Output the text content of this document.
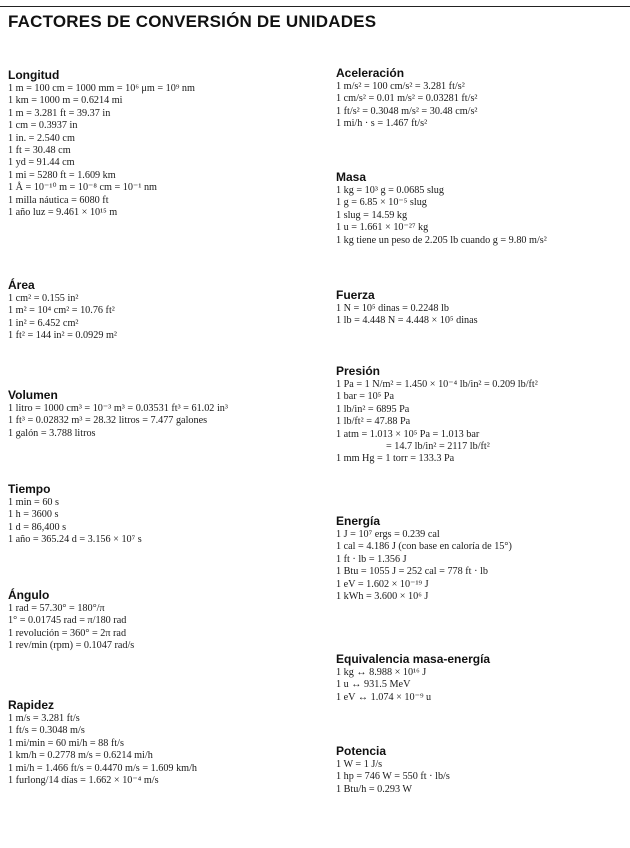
FACTORES DE CONVERSIÓN DE UNIDADES
Longitud
1 m = 100 cm = 1000 mm = 10⁶ μm = 10⁹ nm
1 km = 1000 m = 0.6214 mi
1 m = 3.281 ft = 39.37 in
1 cm = 0.3937 in
1 in. = 2.540 cm
1 ft = 30.48 cm
1 yd = 91.44 cm
1 mi = 5280 ft = 1.609 km
1 Å = 10⁻¹⁰ m = 10⁻⁸ cm = 10⁻¹ nm
1 milla náutica = 6080 ft
1 año luz = 9.461 × 10¹⁵ m
Área
1 cm² = 0.155 in²
1 m² = 10⁴ cm² = 10.76 ft²
1 in² = 6.452 cm²
1 ft² = 144 in² = 0.0929 m²
Volumen
1 litro = 1000 cm³ = 10⁻³ m³ = 0.03531 ft³ = 61.02 in³
1 ft³ = 0.02832 m³ = 28.32 litros = 7.477 galones
1 galón = 3.788 litros
Tiempo
1 min = 60 s
1 h = 3600 s
1 d = 86,400 s
1 año = 365.24 d = 3.156 × 10⁷ s
Ángulo
1 rad = 57.30° = 180°/π
1° = 0.01745 rad = π/180 rad
1 revolución = 360° = 2π rad
1 rev/min (rpm) = 0.1047 rad/s
Rapidez
1 m/s = 3.281 ft/s
1 ft/s = 0.3048 m/s
1 mi/min = 60 mi/h = 88 ft/s
1 km/h = 0.2778 m/s = 0.6214 mi/h
1 mi/h = 1.466 ft/s = 0.4470 m/s = 1.609 km/h
1 furlong/14 días = 1.662 × 10⁻⁴ m/s
Aceleración
1 m/s² = 100 cm/s² = 3.281 ft/s²
1 cm/s² = 0.01 m/s² = 0.03281 ft/s²
1 ft/s² = 0.3048 m/s² = 30.48 cm/s²
1 mi/h · s = 1.467 ft/s²
Masa
1 kg = 10³ g = 0.0685 slug
1 g = 6.85 × 10⁻⁵ slug
1 slug = 14.59 kg
1 u = 1.661 × 10⁻²⁷ kg
1 kg tiene un peso de 2.205 lb cuando g = 9.80 m/s²
Fuerza
1 N = 10⁵ dinas = 0.2248 lb
1 lb = 4.448 N = 4.448 × 10⁵ dinas
Presión
1 Pa = 1 N/m² = 1.450 × 10⁻⁴ lb/in² = 0.209 lb/ft²
1 bar = 10⁵ Pa
1 lb/in² = 6895 Pa
1 lb/ft² = 47.88 Pa
1 atm = 1.013 × 10⁵ Pa = 1.013 bar
= 14.7 lb/in² = 2117 lb/ft²
1 mm Hg = 1 torr = 133.3 Pa
Energía
1 J = 10⁷ ergs = 0.239 cal
1 cal = 4.186 J (con base en caloría de 15°)
1 ft · lb = 1.356 J
1 Btu = 1055 J = 252 cal = 778 ft · lb
1 eV = 1.602 × 10⁻¹⁹ J
1 kWh = 3.600 × 10⁶ J
Equivalencia masa-energía
1 kg ↔ 8.988 × 10¹⁶ J
1 u ↔ 931.5 MeV
1 eV ↔ 1.074 × 10⁻⁹ u
Potencia
1 W = 1 J/s
1 hp = 746 W = 550 ft · lb/s
1 Btu/h = 0.293 W
